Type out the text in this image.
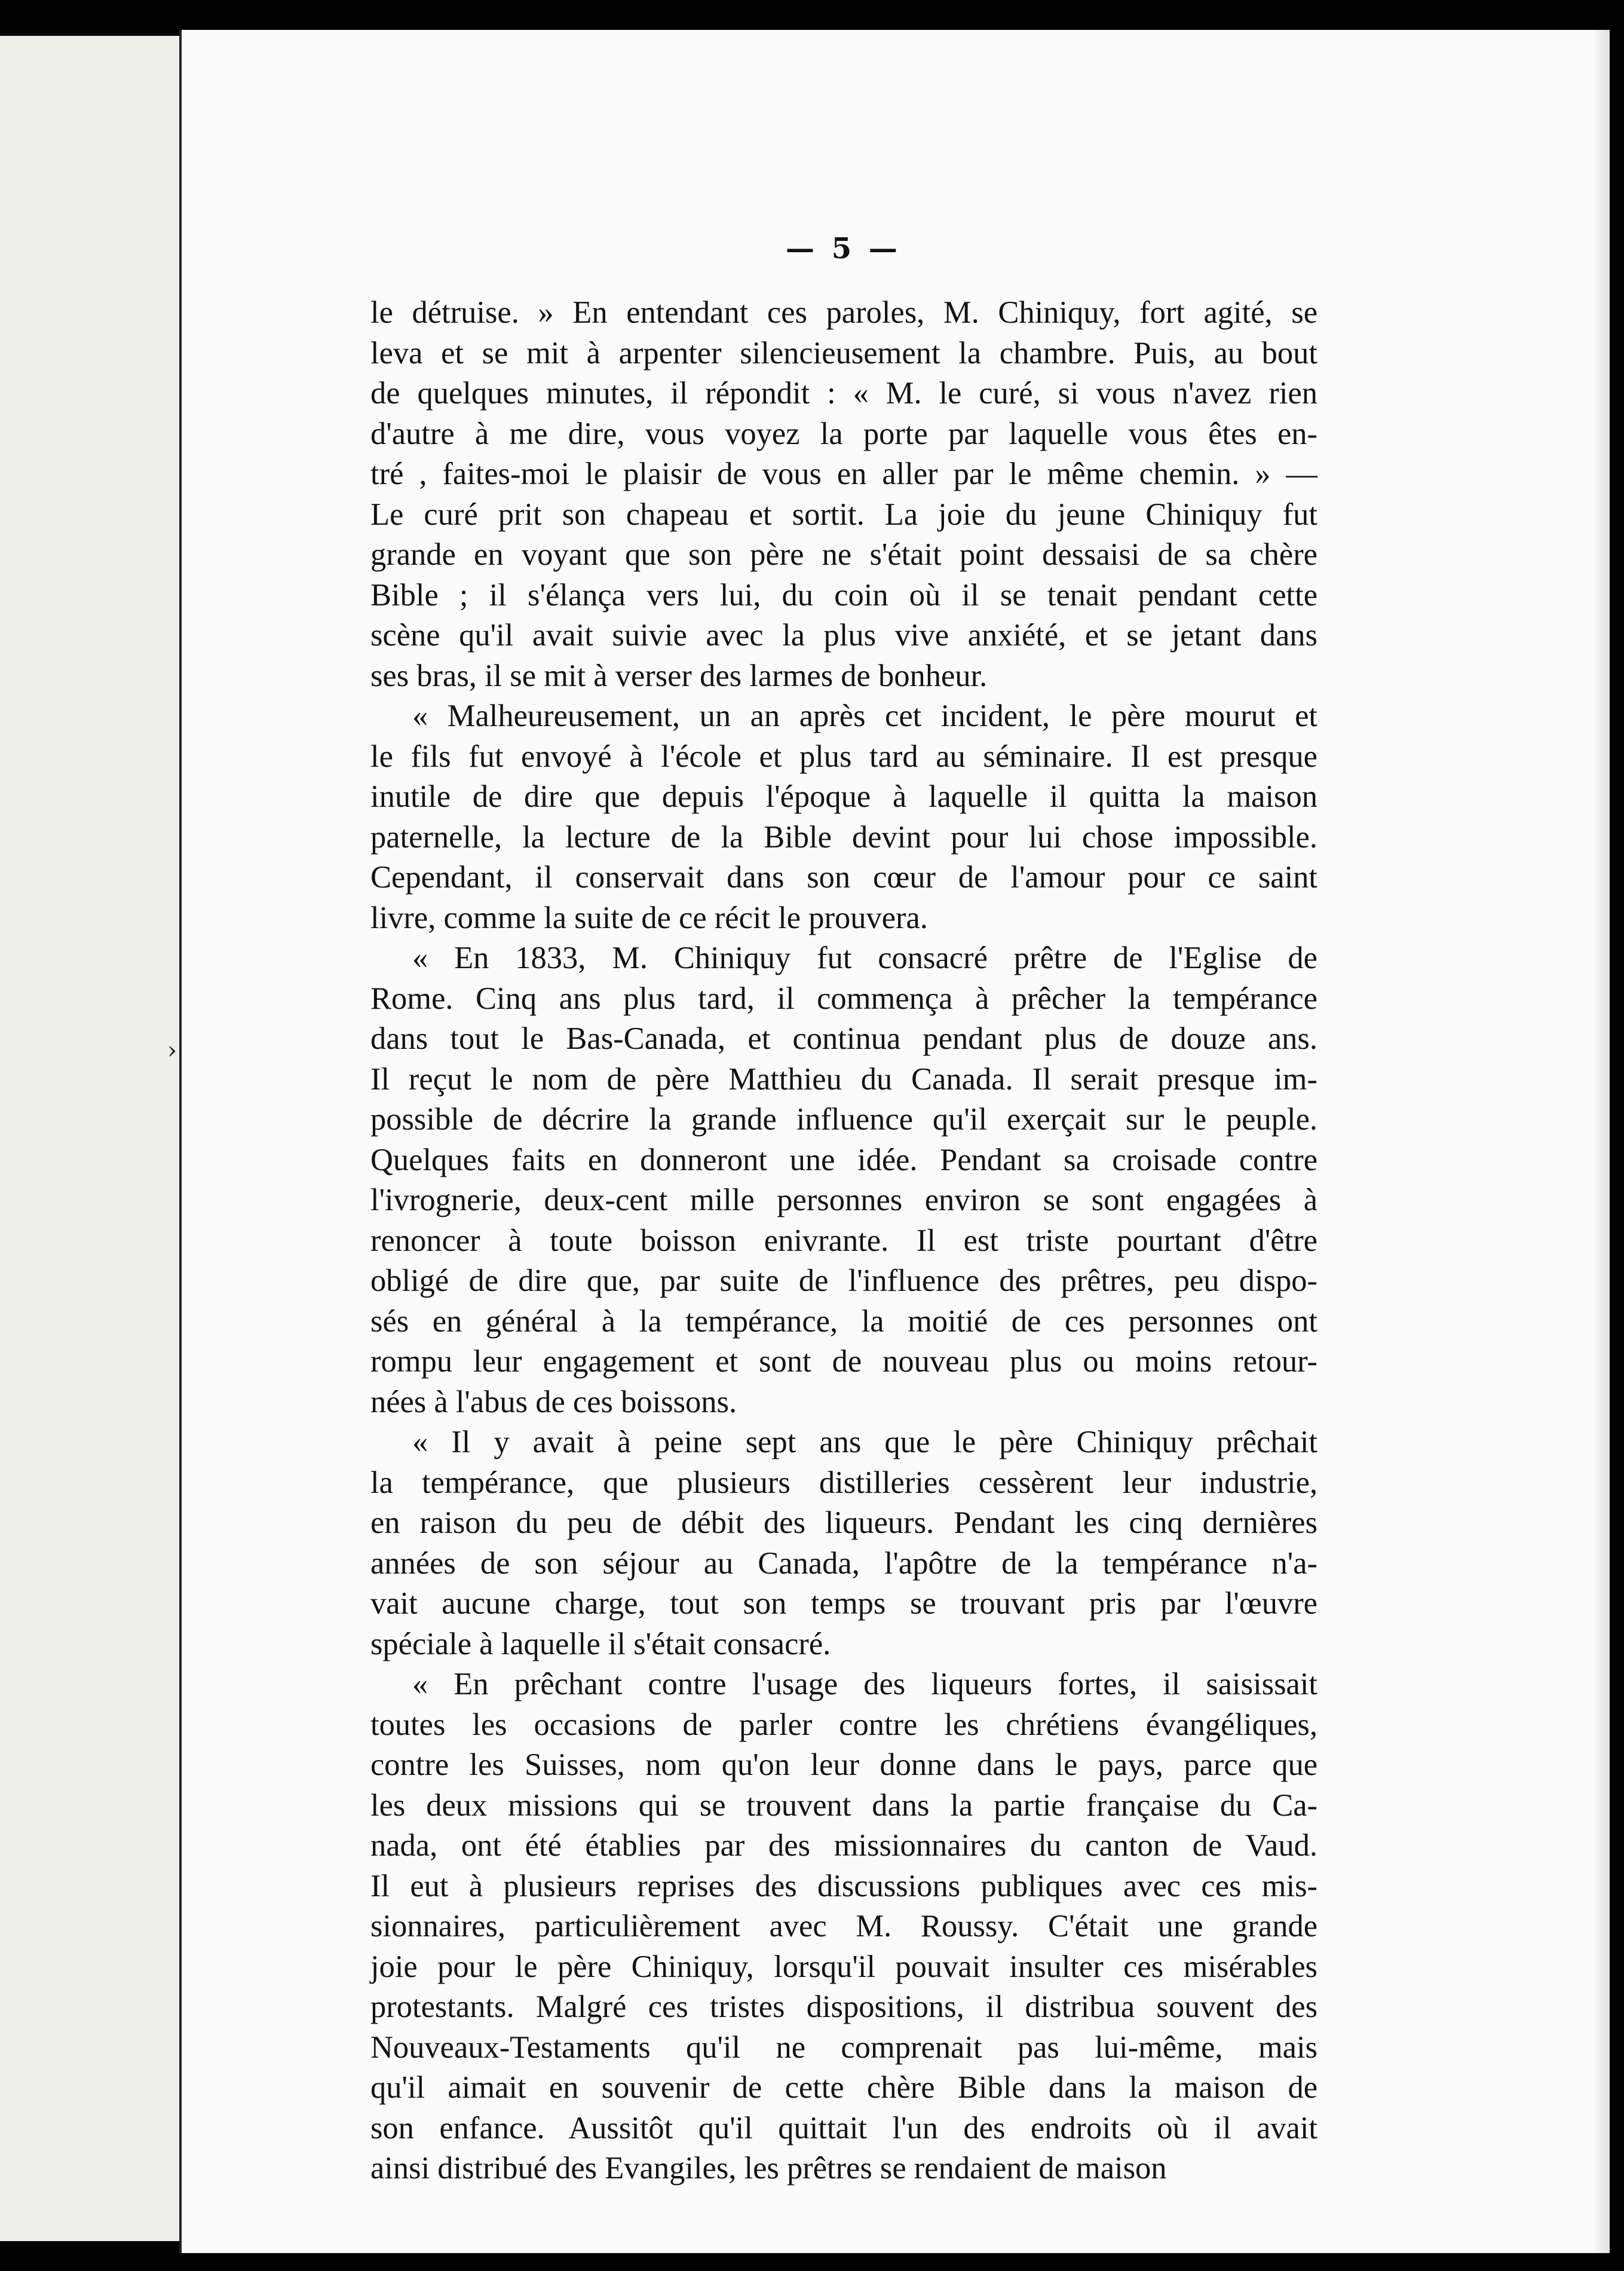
›
— 5 —
le détruise. » En entendant ces paroles, M. Chiniquy, fort agité, se
leva et se mit à arpenter silencieusement la chambre. Puis, au bout
de quelques minutes, il répondit : « M. le curé, si vous n'avez rien
d'autre à me dire, vous voyez la porte par laquelle vous êtes en-
tré , faites-moi le plaisir de vous en aller par le même chemin. » —
Le curé prit son chapeau et sortit. La joie du jeune Chiniquy fut
grande en voyant que son père ne s'était point dessaisi de sa chère
Bible ; il s'élança vers lui, du coin où il se tenait pendant cette
scène qu'il avait suivie avec la plus vive anxiété, et se jetant dans
ses bras, il se mit à verser des larmes de bonheur.
« Malheureusement, un an après cet incident, le père mourut et
le fils fut envoyé à l'école et plus tard au séminaire. Il est presque
inutile de dire que depuis l'époque à laquelle il quitta la maison
paternelle, la lecture de la Bible devint pour lui chose impossible.
Cependant, il conservait dans son cœur de l'amour pour ce saint
livre, comme la suite de ce récit le prouvera.
« En 1833, M. Chiniquy fut consacré prêtre de l'Eglise de
Rome. Cinq ans plus tard, il commença à prêcher la tempérance
dans tout le Bas-Canada, et continua pendant plus de douze ans.
Il reçut le nom de père Matthieu du Canada. Il serait presque im-
possible de décrire la grande influence qu'il exerçait sur le peuple.
Quelques faits en donneront une idée. Pendant sa croisade contre
l'ivrognerie, deux-cent mille personnes environ se sont engagées à
renoncer à toute boisson enivrante. Il est triste pourtant d'être
obligé de dire que, par suite de l'influence des prêtres, peu dispo-
sés en général à la tempérance, la moitié de ces personnes ont
rompu leur engagement et sont de nouveau plus ou moins retour-
nées à l'abus de ces boissons.
« Il y avait à peine sept ans que le père Chiniquy prêchait
la tempérance, que plusieurs distilleries cessèrent leur industrie,
en raison du peu de débit des liqueurs. Pendant les cinq dernières
années de son séjour au Canada, l'apôtre de la tempérance n'a-
vait aucune charge, tout son temps se trouvant pris par l'œuvre
spéciale à laquelle il s'était consacré.
« En prêchant contre l'usage des liqueurs fortes, il saisissait
toutes les occasions de parler contre les chrétiens évangéliques,
contre les Suisses, nom qu'on leur donne dans le pays, parce que
les deux missions qui se trouvent dans la partie française du Ca-
nada, ont été établies par des missionnaires du canton de Vaud.
Il eut à plusieurs reprises des discussions publiques avec ces mis-
sionnaires, particulièrement avec M. Roussy. C'était une grande
joie pour le père Chiniquy, lorsqu'il pouvait insulter ces misérables
protestants. Malgré ces tristes dispositions, il distribua souvent des
Nouveaux-Testaments qu'il ne comprenait pas lui-même, mais
qu'il aimait en souvenir de cette chère Bible dans la maison de
son enfance. Aussitôt qu'il quittait l'un des endroits où il avait
ainsi distribué des Evangiles, les prêtres se rendaient de maison
